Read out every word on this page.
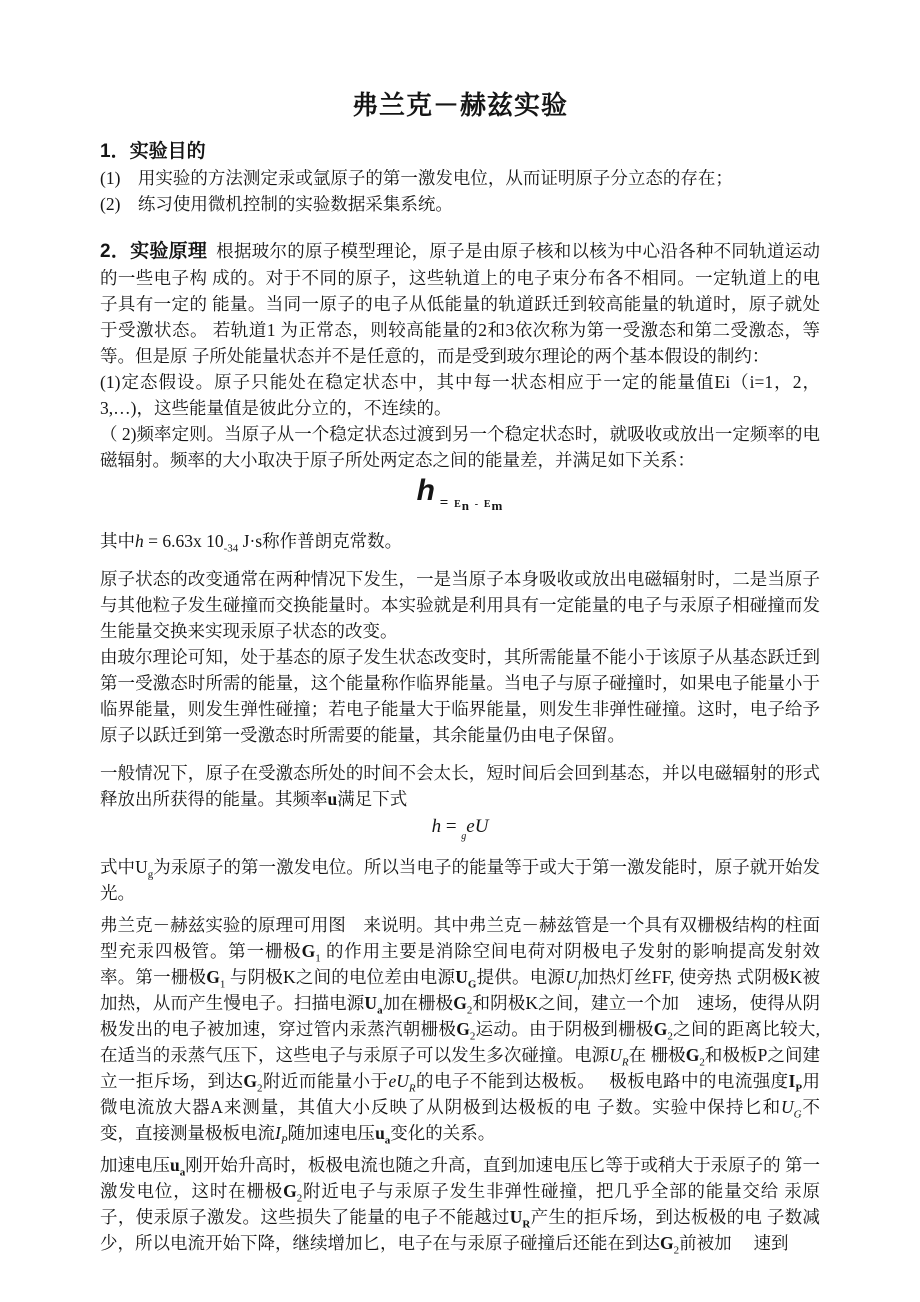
弗兰克－赫兹实验
1．实验目的

(1)　用实验的方法测定汞或氩原子的第一激发电位，从而证明原子分立态的存在；

(2)　练习使用微机控制的实验数据采集系统。

2．实验原理 根据玻尔的原子模型理论，原子是由原子核和以核为中心沿各种不同轨道运动的一些电子构 成的。对于不同的原子，这些轨道上的电子束分布各不相同。一定轨道上的电子具有一定的 能量。当同一原子的电子从低能量的轨道跃迁到较高能量的轨道时，原子就处于受激状态。 若轨道1 为正常态，则较高能量的2和3依次称为第一受激态和第二受激态，等等。但是原 子所处能量状态并不是任意的，而是受到玻尔理论的两个基本假设的制约：

(1)定态假设。原子只能处在稳定状态中，其中每一状态相应于一定的能量值Ei（i=1，2，3,…)，这些能量值是彼此分立的，不连续的。

（ 2)频率定则。当原子从一个稳定状态过渡到另一个稳定状态时，就吸收或放出一定频率的电磁辐射。频率的大小取决于原子所处两定态之间的能量差，并满足如下关系：

h = En - Em

其中h = 6.63x $10_{-34}$ J·s称作普朗克常数。

原子状态的改变通常在两种情况下发生，一是当原子本身吸收或放出电磁辐射时，二是当原子与其他粒子发生碰撞而交换能量时。本实验就是利用具有一定能量的电子与汞原子相碰撞而发生能量交换来实现汞原子状态的改变。

由玻尔理论可知，处于基态的原子发生状态改变时，其所需能量不能小于该原子从基态跃迁到第一受激态时所需的能量，这个能量称作临界能量。当电子与原子碰撞时，如果电子能量小于临界能量，则发生弹性碰撞；若电子能量大于临界能量，则发生非弹性碰撞。这时，电子给予原子以跃迁到第一受激态时所需要的能量，其余能量仍由电子保留。

一般情况下，原子在受激态所处的时间不会太长，短时间后会回到基态，并以电磁辐射的形式释放出所获得的能量。其频率u满足下式

h = $_g$eU

式中$U_g$为汞原子的第一激发电位。所以当电子的能量等于或大于第一激发能时，原子就开始发光。

弗兰克－赫兹实验的原理可用图　来说明。其中弗兰克－赫兹管是一个具有双栅极结构的柱面型充汞四极管。第一栅极$G_1$ 的作用主要是消除空间电荷对阴极电子发射的影响提高发射效率。第一栅极$G_1$ 与阴极K之间的电位差由电源$U_G$提供。电源$U_f$加热灯丝FF, 使旁热 式阴极K被加热，从而产生慢电子。扫描电源$U_a$加在栅极$G_2$和阴极K之间，建立一个加　速场，使得从阴极发出的电子被加速，穿过管内汞蒸汽朝栅极$G_2$运动。由于阴极到栅极$G_2$之间的距离比较大, 在适当的汞蒸气压下，这些电子与汞原子可以发生多次碰撞。电源$U_R$在 栅极$G_2$和极板P之间建立一拒斥场，到达$G_2$附近而能量小于$eU_R$的电子不能到达极板。　 极板电路中的电流强度$I_P$用微电流放大器A来测量，其值大小反映了从阴极到达极板的电 子数。实验中保持匕和$U_G$不变，直接测量极板电流$I_P$随加速电压$u_a$变化的关系。

加速电压$u_a$刚开始升高时，板极电流也随之升高，直到加速电压匕等于或稍大于汞原子的 第一激发电位，这时在栅极$G_2$附近电子与汞原子发生非弹性碰撞，把几乎全部的能量交给 汞原子，使汞原子激发。这些损失了能量的电子不能越过$U_R$产生的拒斥场，到达板极的电 子数减少，所以电流开始下降，继续增加匕，电子在与汞原子碰撞后还能在到达$G_2$前被加　 速到
